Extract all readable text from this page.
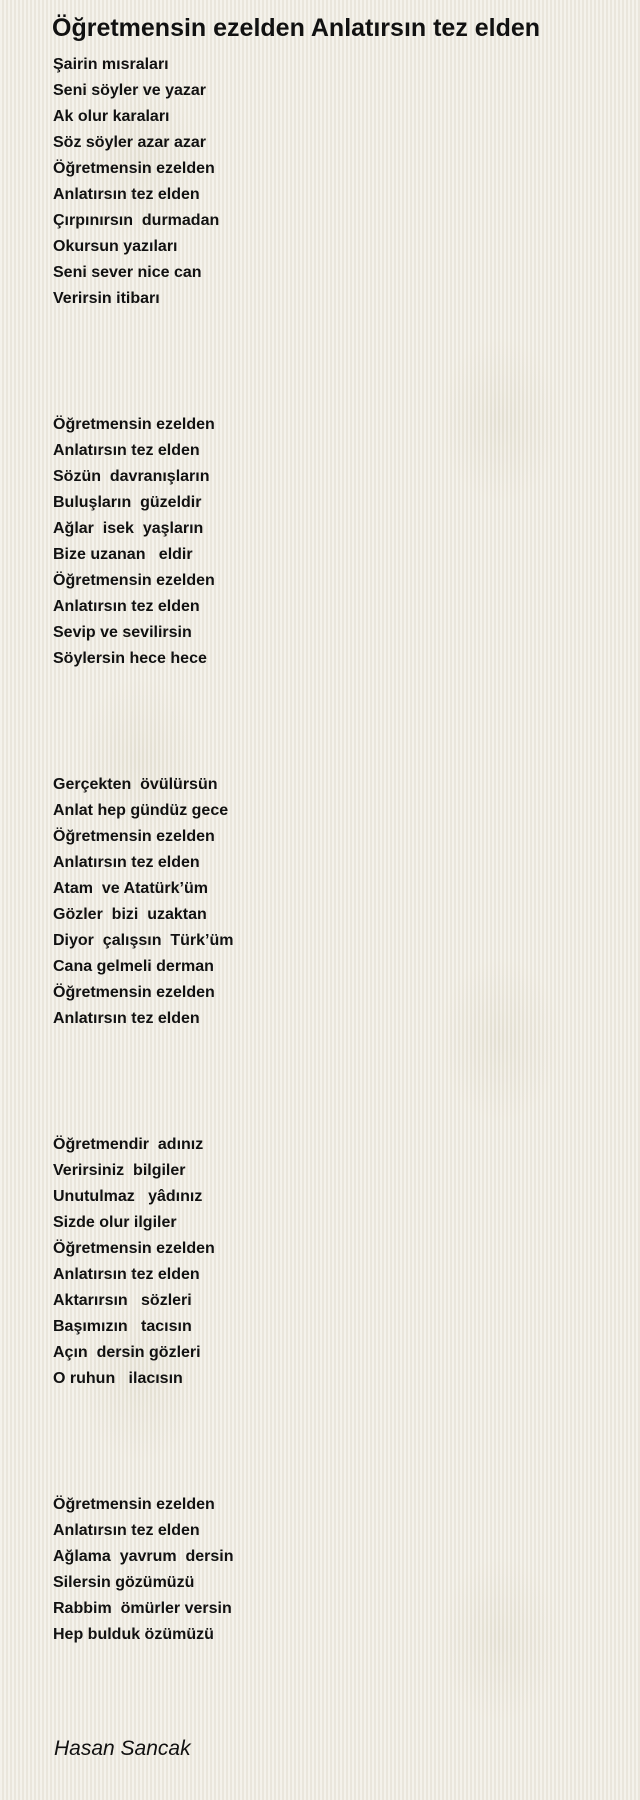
Öğretmensin ezelden Anlatırsın tez elden
Şairin mısraları
Seni söyler ve yazar
Ak olur karaları
Söz söyler azar azar
Öğretmensin ezelden
Anlatırsın tez elden
Çırpınırsın  durmadan
Okursun yazıları
Seni sever nice can
Verirsin itibarı
Öğretmensin ezelden
Anlatırsın tez elden
Sözün  davranışların
Buluşların  güzeldir
Ağlar  isek  yaşların
Bize uzanan   eldir
Öğretmensin ezelden
Anlatırsın tez elden
Sevip ve sevilirsin
Söylersin hece hece
Gerçekten  övülürsün
Anlat hep gündüz gece
Öğretmensin ezelden
Anlatırsın tez elden
Atam  ve Atatürk’üm
Gözler  bizi  uzaktan
Diyor  çalışsın  Türk’üm
Cana gelmeli derman
Öğretmensin ezelden
Anlatırsın tez elden
Öğretmendir  adınız
Verirsiniz  bilgiler
Unutulmaz   yâdınız
Sizde olur ilgiler
Öğretmensin ezelden
Anlatırsın tez elden
Aktarırsın   sözleri
Başımızın   tacısın
Açın  dersin gözleri
O ruhun   ilacısın
Öğretmensin ezelden
Anlatırsın tez elden
Ağlama  yavrum  dersin
Silersin gözümüzü
Rabbim  ömürler versin
Hep bulduk özümüzü
Hasan Sancak
